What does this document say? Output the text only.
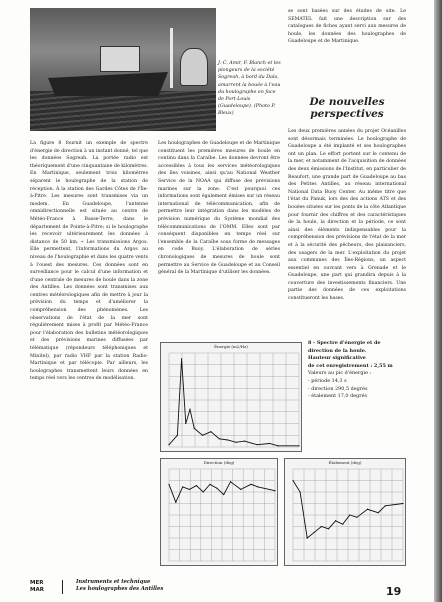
J.-C. Amir, F. Blanch et les plongeurs de la société Sogreah, à bord du Dala, amarrent la bouée à l'eau du houlographe en face de Port-Louis (Guadeloupe). (Photo P. Bleux)

se sont basées sur des études de site. Le SEMATEL fait une description sur des catalogues de fiches ayant servi aux mesures de houle, les données des houlographes de Guadeloupe et de Martinique.

De nouvelles
perspectives

Les deux premières années du projet Océanilles sont désormais terminées. Le houlographe de Guadeloupe a été implanté et ses houlographes ont un plan. Le effort portent sur le contenu de la mer, et notamment de l'acquisition de données des deux émissions de l'Institut, en particulier de Beaufort, une grande part de Guadeloupe au bas des Petites Antilles, au réseau international National Data Buoy Center. Au même titre que l'état du Panuk, lors des des actions ATS et des bouées situées sur les ponts de la côte Atlantique pour fournir des chiffres et des caractéristiques de la houle, la direction et la période, ce sont ainsi des éléments indispensables pour la compréhension des prévisions de l'état de la mer et à la sécurité des pêcheurs, des plaisanciers, des usagers de la mer. L'exploitation du projet aux communes des Îles-Régions, un aspect essentiel en ouvrant vers à Grenade et le Guadeloupe, une part qui grandira depuis à la couverture des investissements financiers. Une partie des données de ces exploitations constitueront les bases.

La figure 8 fournit un exemple de spectre d'énergie de direction à un instant donné, tel que les données Sogreah. La portée radio est théoriquement d'une cinquantaine de kilomètres. En Martinique, seulement trois kilomètres séparent le houlographe de la station de réception. À la station des Gardes Côtes de l'Île-à-Pitre. Les mesures sont transmises via un modem. En Guadeloupe, l'antenne omnidirectionnelle est située au centre de Météo-France à Basse-Terre, dans le département de Pointe-à-Pitre; si le houlographe les recevoir ultérieurement les données à distance de 50 km. « Les transmissions Argos. Elle permettent, l'informations du Argos au niveau de l'houlographie et dans les quatre vents à l'ouest des mesures. Ces données sont en surveillance pour le calcul d'une information et d'une centrale de mesures de houle dans la zone des Antilles. Les données sont transmises aux centres météorologiques afin de mettre à jour la prévision du temps et d'améliorer la compréhension des phénomènes. Les observations de l'état de la mer sont régulièrement mises à profit par Météo-France pour l'élaboration des bulletins météorologiques et des prévisions marines diffusées par télématique (répondeurs téléphoniques et Minitel), par radio VHF par la station Radio-Martinique et par télécopie. Par ailleurs, les houlographes transmettent leurs données en temps réel vers les centres de modélisation.

Les houlographes de Guadeloupe et de Martinique constituent les premières mesures de houle en continu dans la Caraïbe. Les données devront être accessibles à tous les services météorologiques des îles voisines, ainsi qu'au National Weather Service de la NOAA qui diffuse des prévisions marines sur la zone. C'est pourquoi ces informations sont également émises sur un réseau international de télécommunication, afin de permettre leur intégration dans les modèles de prévision numérique du Système mondial des télécommunications de l'OMM. Elles sont par conséquent disponibles en temps réel sur l'ensemble de la Caraïbe sous forme de messages en code Buoy. L'élaboration de séries chronologiques de mesures de houle sont permettre au Service de Guadeloupe et au Conseil général de la Martinique d'utiliser les données.

Énergie (m2/Hz)
8 - Spectre d'énergie et de direction de la houle.
Hauteur significative
de cet enregistrement : 2,55 m
Valeurs au pic d'énergie :
- période 14,3 s
- direction 290,5 degrés
- étalement 17,0 degrés
Direction (deg)	Étalement (deg)
MER
MAR
Instruments et technique
Les houlographes des Antilles	19
